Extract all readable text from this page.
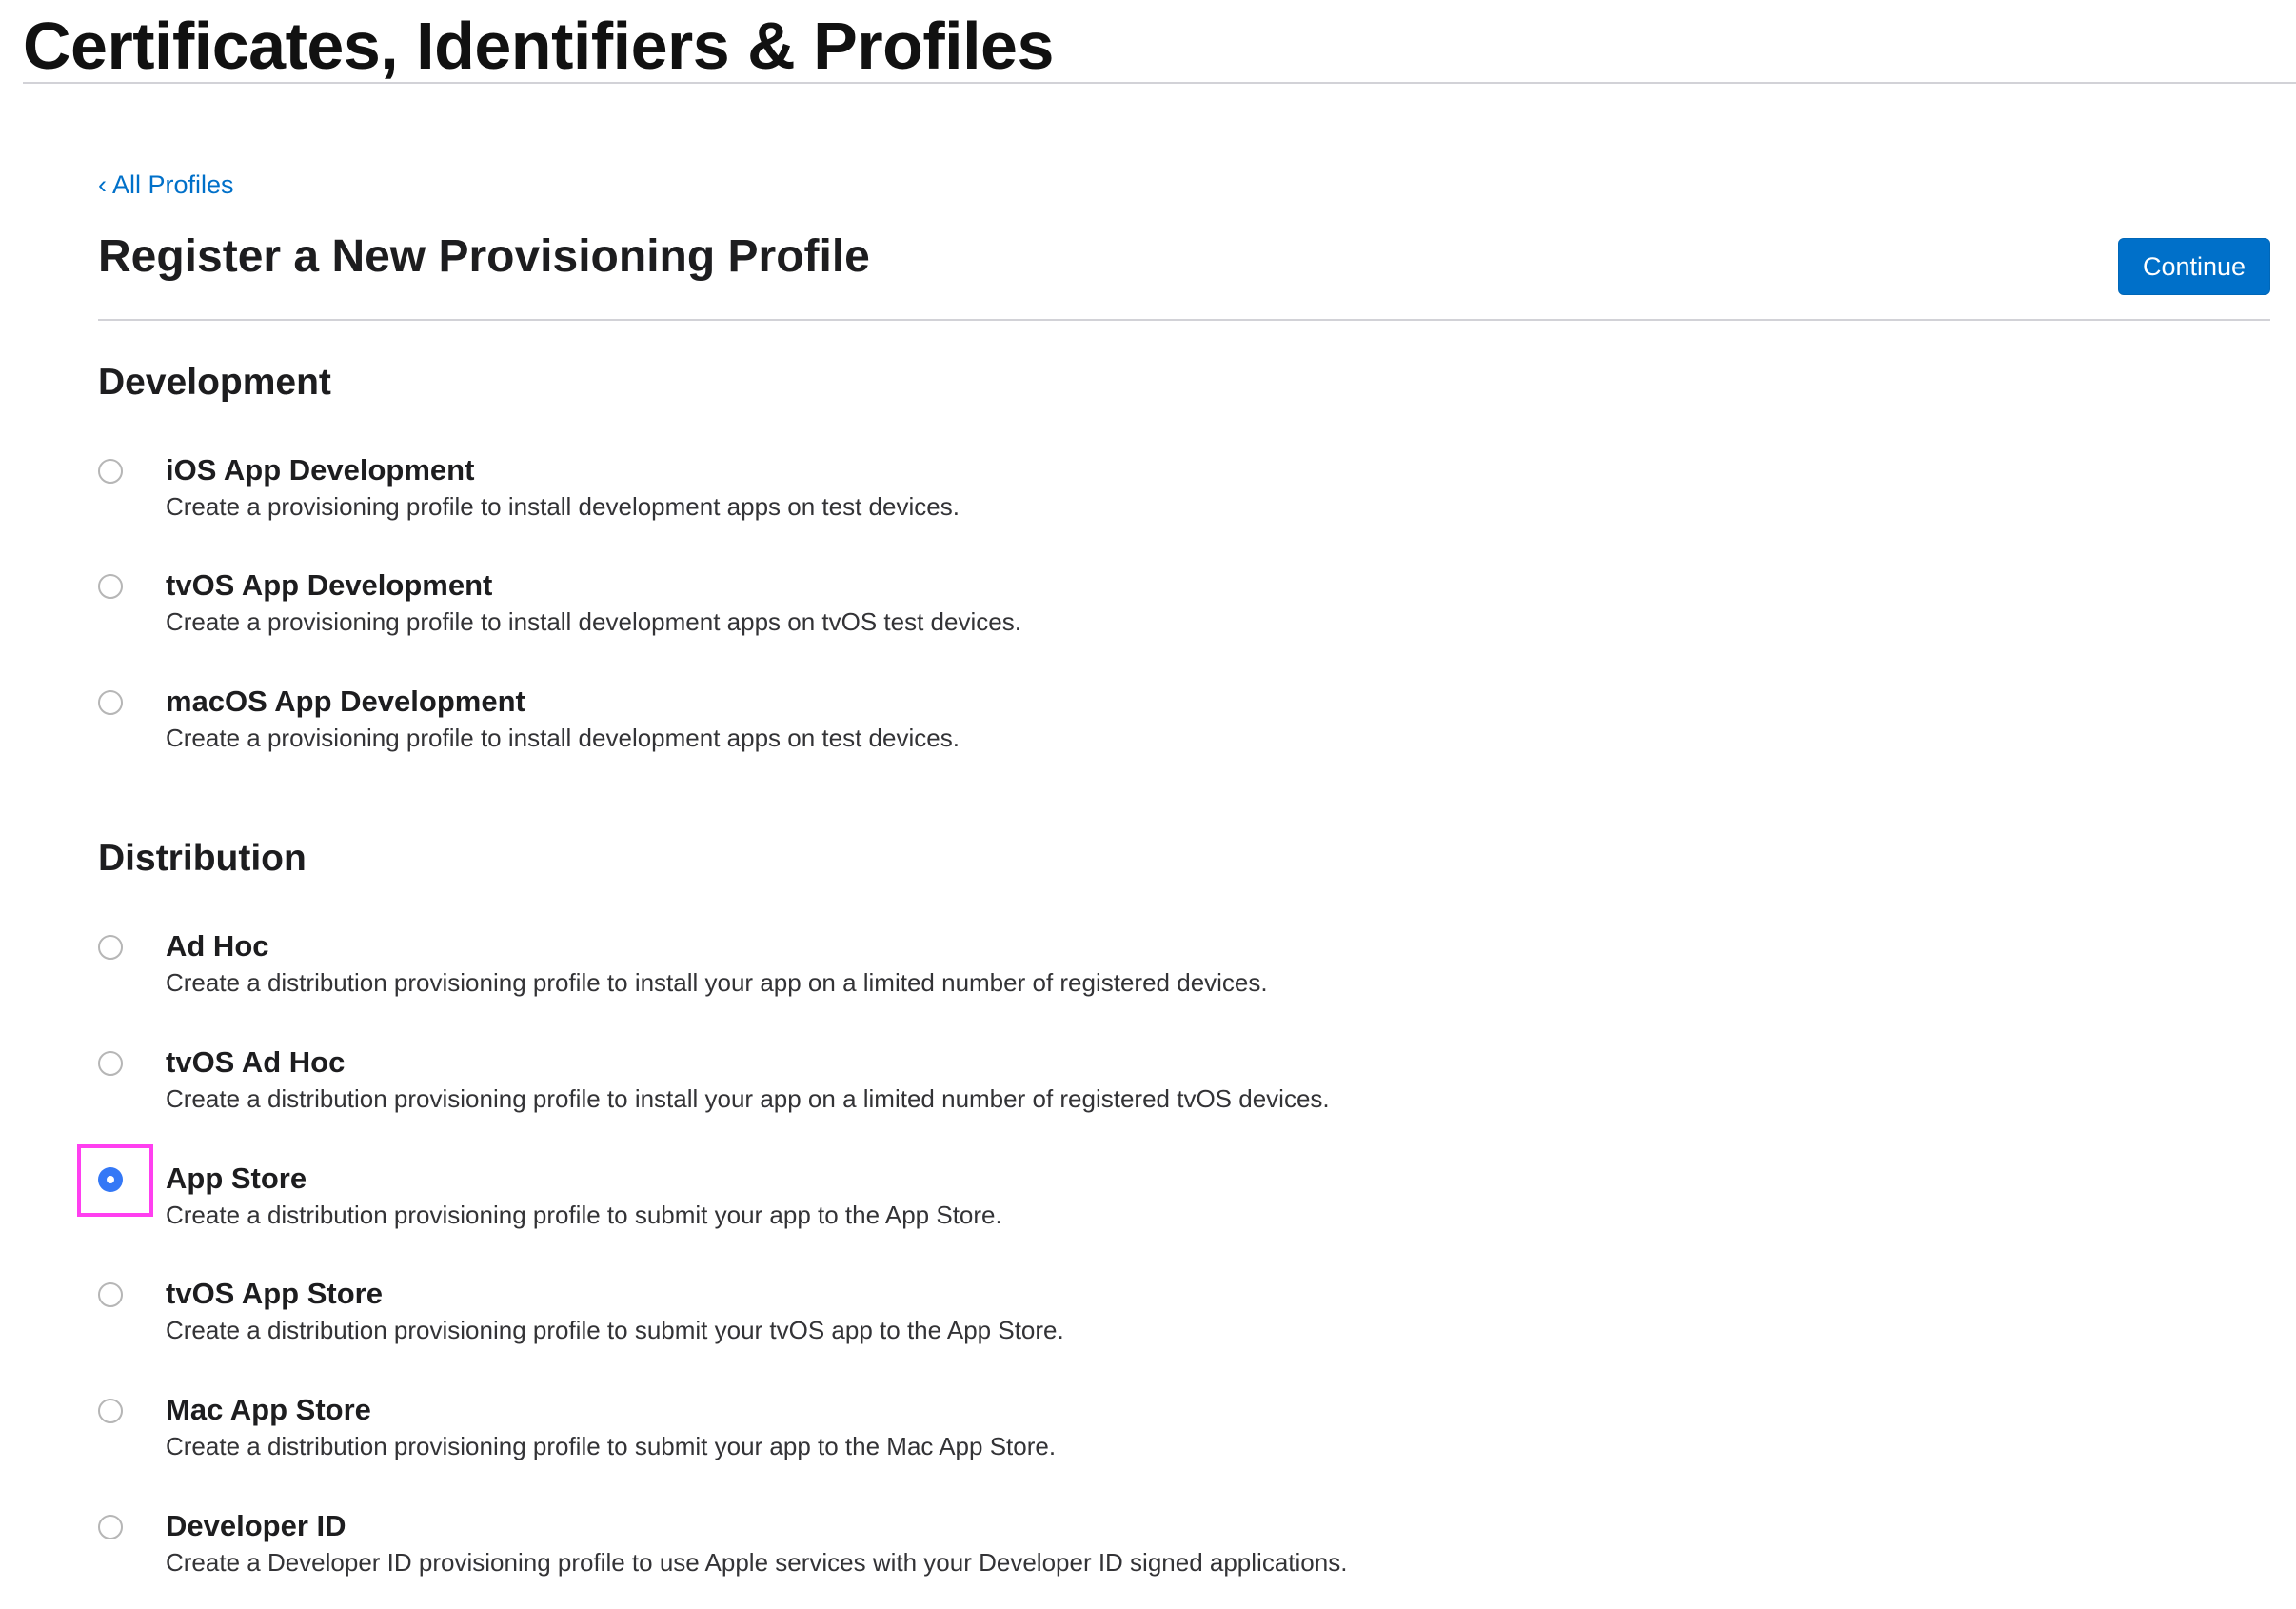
Certificates, Identifiers & Profiles
‹ All Profiles
Register a New Provisioning Profile	Continue
Development
iOS App Development
Create a provisioning profile to install development apps on test devices.
tvOS App Development
Create a provisioning profile to install development apps on tvOS test devices.
macOS App Development
Create a provisioning profile to install development apps on test devices.
Distribution
Ad Hoc
Create a distribution provisioning profile to install your app on a limited number of registered devices.
tvOS Ad Hoc
Create a distribution provisioning profile to install your app on a limited number of registered tvOS devices.
App Store
Create a distribution provisioning profile to submit your app to the App Store.
tvOS App Store
Create a distribution provisioning profile to submit your tvOS app to the App Store.
Mac App Store
Create a distribution provisioning profile to submit your app to the Mac App Store.
Developer ID
Create a Developer ID provisioning profile to use Apple services with your Developer ID signed applications.
